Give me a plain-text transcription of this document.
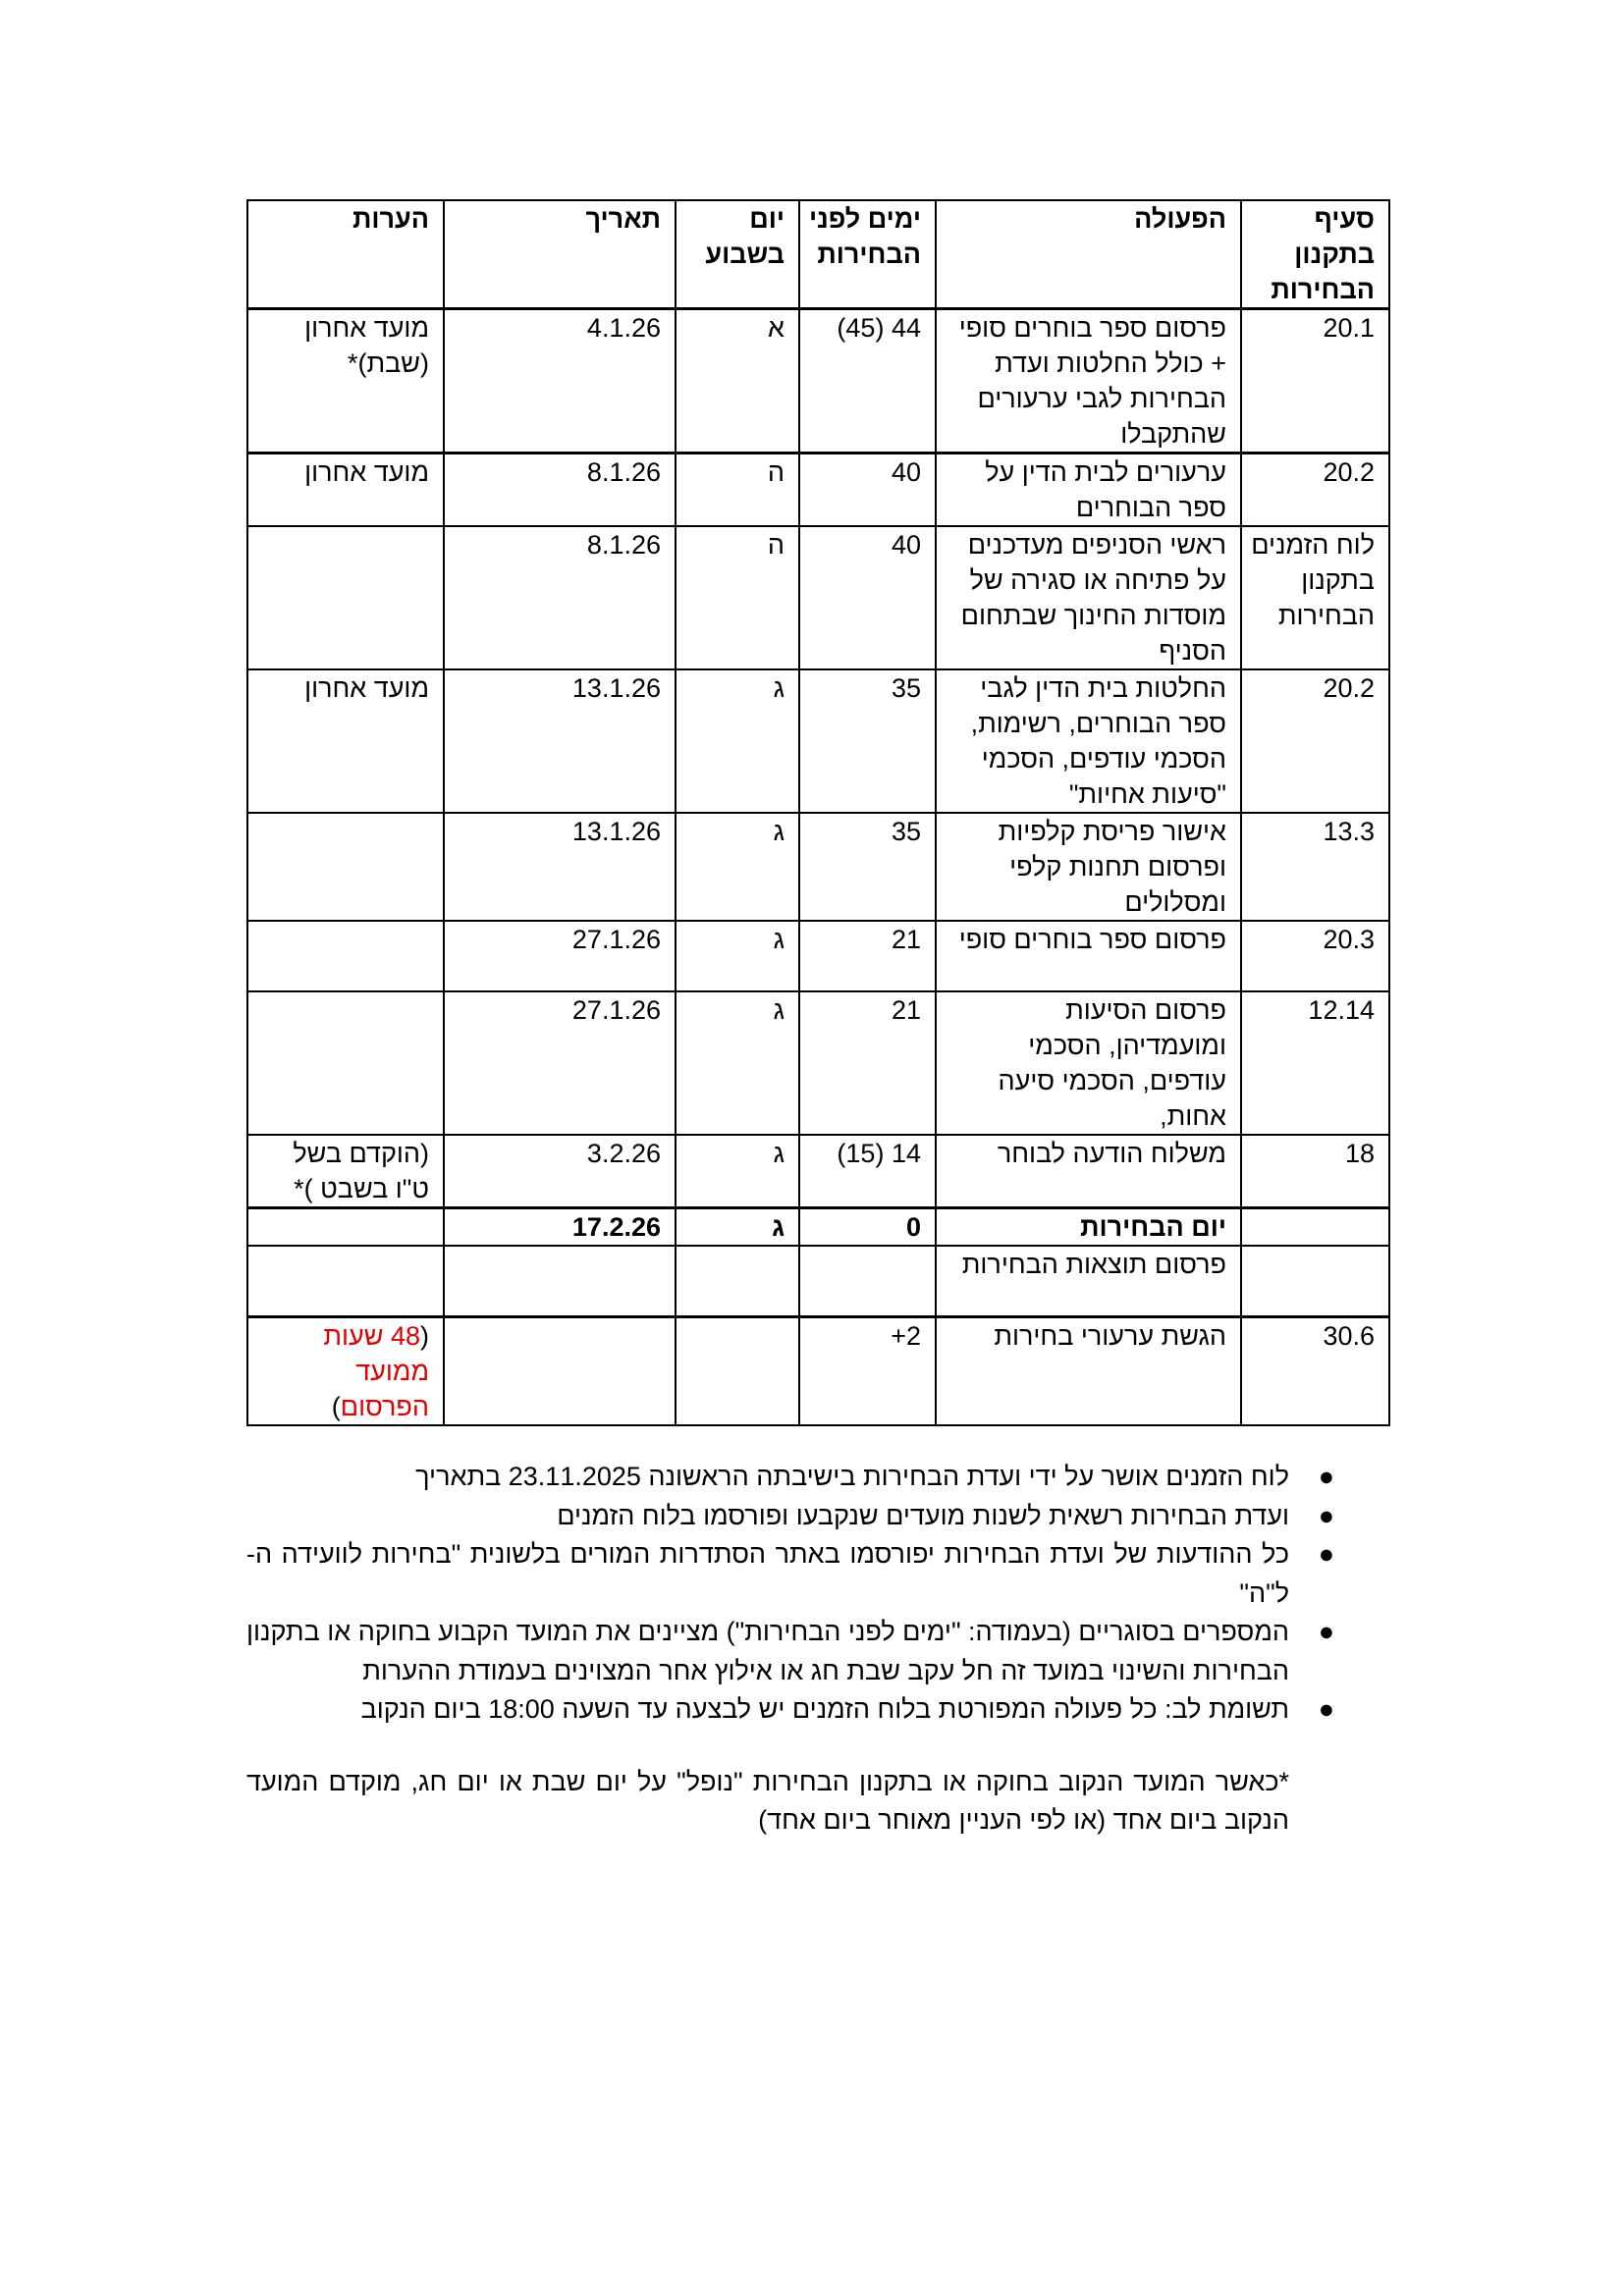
סעיף בתקנון הבחירות	הפעולה	ימים לפני הבחירות	יום בשבוע	תאריך	הערות
20.1	פרסום ספר בוחרים סופי + כולל החלטות ועדת הבחירות לגבי ערעורים שהתקבלו	44 (45)	א	4.1.26	מועד אחרון (שבת)*
20.2	ערעורים לבית הדין על ספר הבוחרים	40	ה	8.1.26	מועד אחרון
לוח הזמנים בתקנון הבחירות	ראשי הסניפים מעדכנים על פתיחה או סגירה של מוסדות החינוך שבתחום הסניף	40	ה	8.1.26	
20.2	החלטות בית הדין לגבי ספר הבוחרים, רשימות, הסכמי עודפים, הסכמי "סיעות אחיות"	35	ג	13.1.26	מועד אחרון
13.3	אישור פריסת קלפיות ופרסום תחנות קלפי ומסלולים	35	ג	13.1.26	
20.3	פרסום ספר בוחרים סופי	21	ג	27.1.26	
12.14	פרסום הסיעות ומועמדיהן, הסכמי עודפים, הסכמי סיעה אחות,	21	ג	27.1.26	
18	משלוח הודעה לבוחר	14 (15)	ג	3.2.26	(הוקדם בשל ט"ו בשבט )*
	יום הבחירות	0	ג	17.2.26	
	פרסום תוצאות הבחירות				
30.6	הגשת ערעורי בחירות	2+			(48 שעות ממועד הפרסום)
●
לוח הזמנים אושר על ידי ועדת הבחירות בישיבתה הראשונה 23.11.2025 בתאריך
●
ועדת הבחירות רשאית לשנות מועדים שנקבעו ופורסמו בלוח הזמנים
●
כל ההודעות של ועדת הבחירות יפורסמו באתר הסתדרות המורים בלשונית "בחירות לוועידה ה- ל"ה"
●
המספרים בסוגריים (בעמודה: "ימים לפני הבחירות") מציינים את המועד הקבוע בחוקה או בתקנון הבחירות והשינוי במועד זה חל עקב שבת חג או אילוץ אחר המצוינים בעמודת ההערות
●
תשומת לב: כל פעולה המפורטת בלוח הזמנים יש לבצעה עד השעה 18:00 ביום הנקוב
*כאשר המועד הנקוב בחוקה או בתקנון הבחירות "נופל" על יום שבת או יום חג, מוקדם המועד הנקוב ביום אחד (או לפי העניין מאוחר ביום אחד)
